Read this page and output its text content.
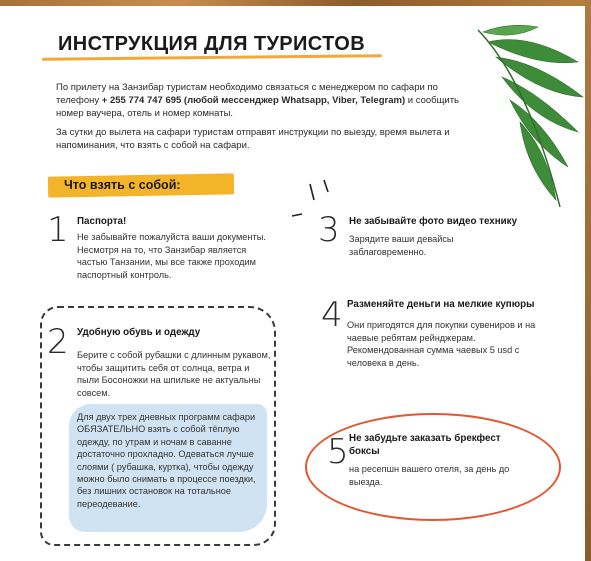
ИНСТРУКЦИЯ ДЛЯ ТУРИСТОВ

По прилету на Занзибар туристам необходимо связаться с менеджером по сафари по телефону + 255 774 747 695 (любой мессенджер Whatsapp, Viber, Telegram) и сообщить номер ваучера, отель и номер комнаты.

За сутки до вылета на сафари туристам отправят инструкции по выезду, время вылета и напоминания, что взять с собой на сафари.

Что взять с собой:
1 Паспорта!

Не забывайте пожалуйста ваши документы. Несмотря на то, что Занзибар является частью Танзании, мы все также проходим паспортный контроль.

3 Не забывайте фото видео технику

Зарядите ваши девайсы заблаговременно.

2 Удобную обувь и одежду

Берите с собой рубашки с длинным рукавом, чтобы защитить себя от солнца, ветра и пыли Босоножки на шпильке не актуальны совсем.

Для двух трех дневных программ сафари ОБЯЗАТЕЛЬНО взять с собой тёплую одежду, по утрам и ночам в саванне достаточно прохладно. Одеваться лучше слоями ( рубашка, куртка), чтобы одежду можно было снимать в процессе поездки, без лишних остановок на тотальное переодевание.

4 Разменяйте деньги на мелкие купюры

Они пригодятся для покупки сувениров и на чаевые ребятам рейнджерам. Рекомендованная сумма чаевых 5 usd с человека в день.

5 Не забудьте заказать брекфест боксы

на ресепшн вашего отеля, за день до выезда.
